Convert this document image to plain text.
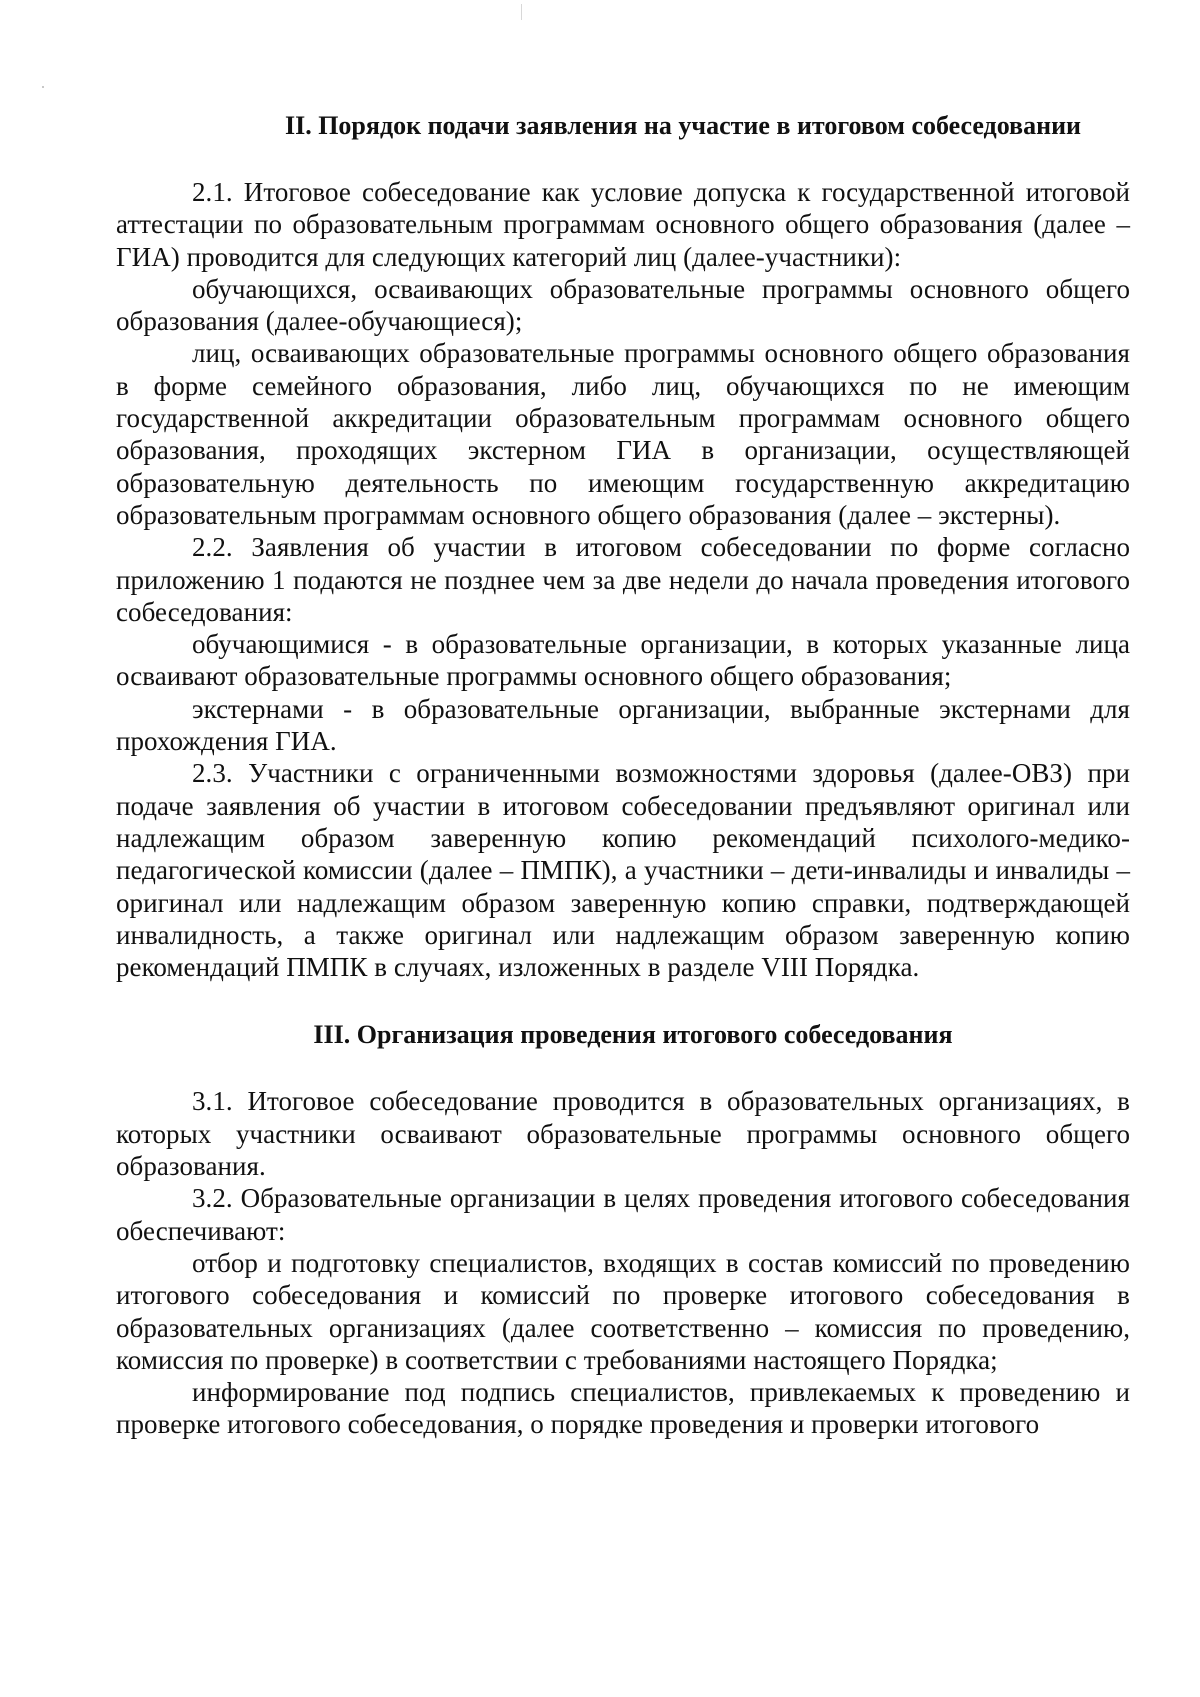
II. Порядок подачи заявления на участие в итоговом собеседовании

2.1. Итоговое собеседование как условие допуска к государственной итоговой аттестации по образовательным программам основного общего образования (далее – ГИА) проводится для следующих категорий лиц (далее-участники):

обучающихся, осваивающих образовательные программы основного общего образования (далее-обучающиеся);

лиц, осваивающих образовательные программы основного общего образования в форме семейного образования, либо лиц, обучающихся по не имеющим государственной аккредитации образовательным программам основного общего образования, проходящих экстерном ГИА в организации, осуществляющей образовательную деятельность по имеющим государственную аккредитацию образовательным программам основного общего образования (далее – экстерны).

2.2. Заявления об участии в итоговом собеседовании по форме согласно приложению 1 подаются не позднее чем за две недели до начала проведения итогового собеседования:

обучающимися - в образовательные организации, в которых указанные лица осваивают образовательные программы основного общего образования;

экстернами - в образовательные организации, выбранные экстернами для прохождения ГИА.

2.3. Участники с ограниченными возможностями здоровья (далее-ОВЗ) при подаче заявления об участии в итоговом собеседовании предъявляют оригинал или надлежащим образом заверенную копию рекомендаций психолого-медико-педагогической комиссии (далее – ПМПК), а участники – дети-инвалиды и инвалиды – оригинал или надлежащим образом заверенную копию справки, подтверждающей инвалидность, а также оригинал или надлежащим образом заверенную копию рекомендаций ПМПК в случаях, изложенных в разделе VIII Порядка.

III. Организация проведения итогового собеседования

3.1. Итоговое собеседование проводится в образовательных организациях, в которых участники осваивают образовательные программы основного общего образования.

3.2. Образовательные организации в целях проведения итогового собеседования обеспечивают:

отбор и подготовку специалистов, входящих в состав комиссий по проведению итогового собеседования и комиссий по проверке итогового собеседования в образовательных организациях (далее соответственно – комиссия по проведению, комиссия по проверке) в соответствии с требованиями настоящего Порядка;

информирование под подпись специалистов, привлекаемых к проведению и проверке итогового собеседования, о порядке проведения и проверки итогового
